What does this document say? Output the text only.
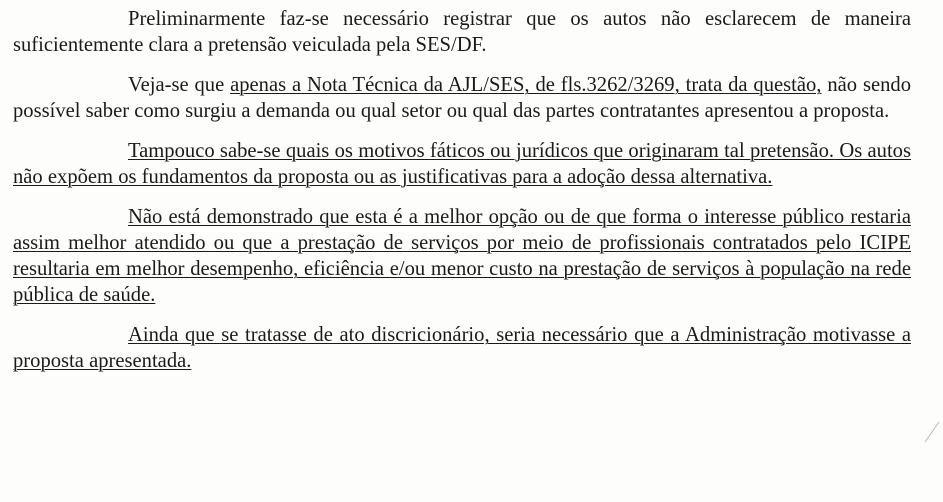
Preliminarmente faz-se necessário registrar que os autos não esclarecem de maneira suficientemente clara a pretensão veiculada pela SES/DF.

Veja-se que apenas a Nota Técnica da AJL/SES, de fls.3262/3269, trata da questão, não sendo possível saber como surgiu a demanda ou qual setor ou qual das partes contratantes apresentou a proposta.

Tampouco sabe-se quais os motivos fáticos ou jurídicos que originaram tal pretensão. Os autos não expõem os fundamentos da proposta ou as justificativas para a adoção dessa alternativa.

Não está demonstrado que esta é a melhor opção ou de que forma o interesse público restaria assim melhor atendido ou que a prestação de serviços por meio de profissionais contratados pelo ICIPE resultaria em melhor desempenho, eficiência e/ou menor custo na prestação de serviços à população na rede pública de saúde.

Ainda que se tratasse de ato discricionário, seria necessário que a Administração motivasse a proposta apresentada.
